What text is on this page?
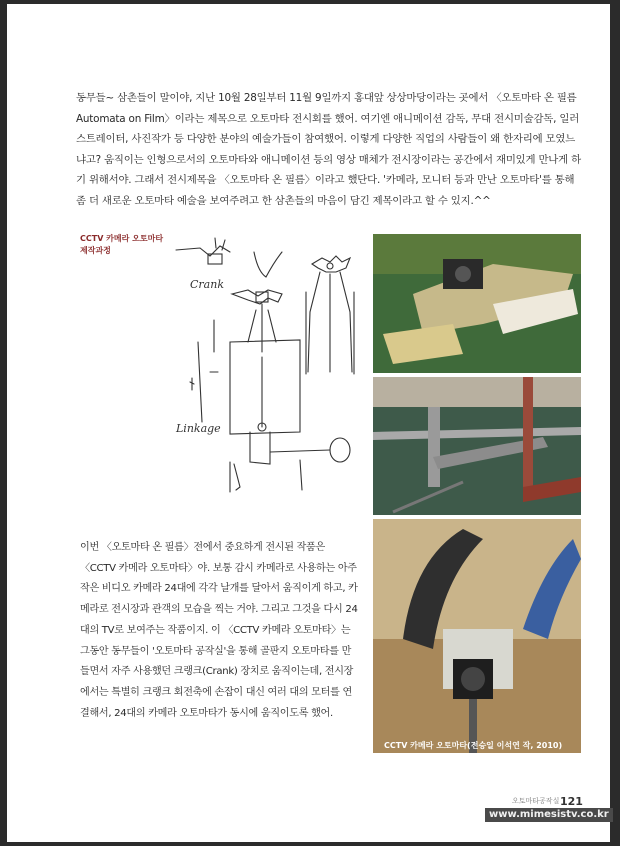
동무들~ 삼촌들이 말이야, 지난 10월 28일부터 11월 9일까지 홍대앞 상상마당이라는 곳에서 〈오토마타 온 필름 Automata on Film〉이라는 제목으로 오토마타 전시회를 했어. 여기엔 애니메이션 감독, 무대 전시미술감독, 일러스트레이터, 사진작가 등 다양한 분야의 예술가들이 참여했어. 이렇게 다양한 직업의 사람들이 왜 한자리에 모였느냐고? 움직이는 인형으로서의 오토마타와 애니메이션 등의 영상 매체가 전시장이라는 공간에서 재미있게 만나게 하기 위해서야. 그래서 전시제목을 〈오토마타 온 필름〉이라고 했단다. '카메라, 모니터 등과 만난 오토마타'를 통해 좀 더 새로운 오토마타 예술을 보여주려고 한 삼촌들의 마음이 담긴 제목이라고 할 수 있지.^^

CCTV 카메라 오토마타
제작과정
Crank
Linkage

이번 〈오토마타 온 필름〉전에서 중요하게 전시된 작품은 〈CCTV 카메라 오토마타〉야. 보통 감시 카메라로 사용하는 아주 작은 비디오 카메라 24대에 각각 날개를 달아서 움직이게 하고, 카메라로 전시장과 관객의 모습을 찍는 거야. 그리고 그것을 다시 24대의 TV로 보여주는 작품이지. 이 〈CCTV 카메라 오토마타〉는 그동안 동무들이 '오토마타 공작실'을 통해 골판지 오토마타를 만들면서 자주 사용했던 크랭크(Crank) 장치로 움직이는데, 전시장에서는 특별히 크랭크 회전축에 손잡이 대신 여러 대의 모터를 연결해서, 24대의 카메라 오토마타가 동시에 움직이도록 했어.

CCTV 카메라 오토마타(전승일 이석연 작, 2010)
오토마타공작실 121
www.mimesistv.co.kr
